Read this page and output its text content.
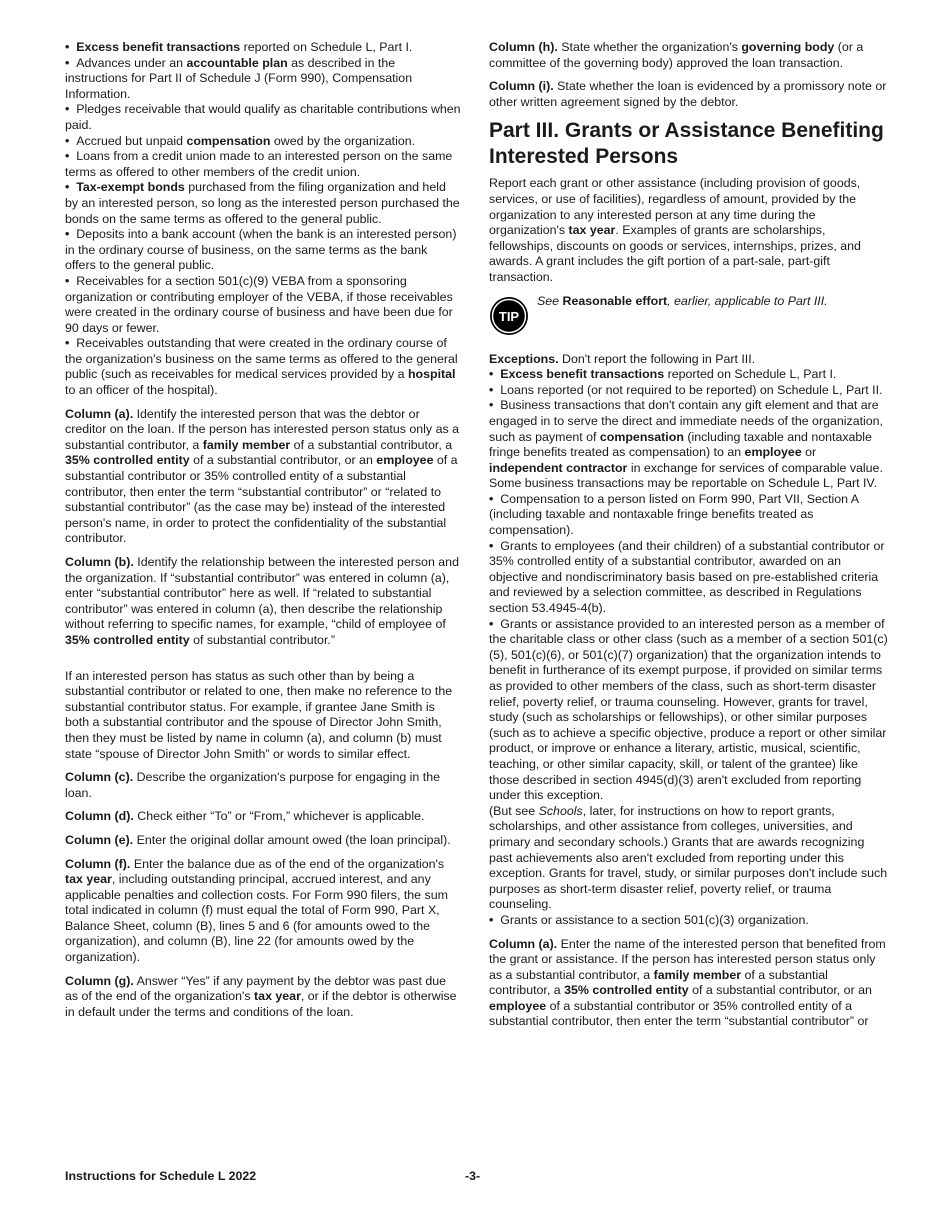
•  Excess benefit transactions reported on Schedule L, Part I.

•  Advances under an accountable plan as described in the instructions for Part II of Schedule J (Form 990), Compensation Information.

•  Pledges receivable that would qualify as charitable contributions when paid.

•  Accrued but unpaid compensation owed by the organization.

•  Loans from a credit union made to an interested person on the same terms as offered to other members of the credit union.

•  Tax-exempt bonds purchased from the filing organization and held by an interested person, so long as the interested person purchased the bonds on the same terms as offered to the general public.

•  Deposits into a bank account (when the bank is an interested person) in the ordinary course of business, on the same terms as the bank offers to the general public.

•  Receivables for a section 501(c)(9) VEBA from a sponsoring organization or contributing employer of the VEBA, if those receivables were created in the ordinary course of business and have been due for 90 days or fewer.

•  Receivables outstanding that were created in the ordinary course of the organization's business on the same terms as offered to the general public (such as receivables for medical services provided by a hospital to an officer of the hospital).

Column (a). Identify the interested person that was the debtor or creditor on the loan. If the person has interested person status only as a substantial contributor, a family member of a substantial contributor, a 35% controlled entity of a substantial contributor, or an employee of a substantial contributor or 35% controlled entity of a substantial contributor, then enter the term “substantial contributor” or “related to substantial contributor” (as the case may be) instead of the interested person's name, in order to protect the confidentiality of the substantial contributor.

Column (b). Identify the relationship between the interested person and the organization. If “substantial contributor” was entered in column (a), enter “substantial contributor” here as well. If “related to substantial contributor” was entered in column (a), then describe the relationship without referring to specific names, for example, “child of employee of 35% controlled entity of substantial contributor.”

If an interested person has status as such other than by being a substantial contributor or related to one, then make no reference to the substantial contributor status. For example, if grantee Jane Smith is both a substantial contributor and the spouse of Director John Smith, then they must be listed by name in column (a), and column (b) must state “spouse of Director John Smith” or words to similar effect.

Column (c). Describe the organization's purpose for engaging in the loan.

Column (d). Check either “To” or “From,” whichever is applicable.

Column (e). Enter the original dollar amount owed (the loan principal).

Column (f). Enter the balance due as of the end of the organization's tax year, including outstanding principal, accrued interest, and any applicable penalties and collection costs. For Form 990 filers, the sum total indicated in column (f) must equal the total of Form 990, Part X, Balance Sheet, column (B), lines 5 and 6 (for amounts owed to the organization), and column (B), line 22 (for amounts owed by the organization).

Column (g). Answer “Yes” if any payment by the debtor was past due as of the end of the organization's tax year, or if the debtor is otherwise in default under the terms and conditions of the loan.

Column (h). State whether the organization's governing body (or a committee of the governing body) approved the loan transaction.

Column (i). State whether the loan is evidenced by a promissory note or other written agreement signed by the debtor.

Part III. Grants or Assistance Benefiting Interested Persons

Report each grant or other assistance (including provision of goods, services, or use of facilities), regardless of amount, provided by the organization to any interested person at any time during the organization's tax year. Examples of grants are scholarships, fellowships, discounts on goods or services, internships, prizes, and awards. A grant includes the gift portion of a part-sale, part-gift transaction.

TIP
See Reasonable effort, earlier, applicable to Part III.

Exceptions. Don't report the following in Part III.

•  Excess benefit transactions reported on Schedule L, Part I.

•  Loans reported (or not required to be reported) on Schedule L, Part II.

•  Business transactions that don't contain any gift element and that are engaged in to serve the direct and immediate needs of the organization, such as payment of compensation (including taxable and nontaxable fringe benefits treated as compensation) to an employee or independent contractor in exchange for services of comparable value. Some business transactions may be reportable on Schedule L, Part IV.

•  Compensation to a person listed on Form 990, Part VII, Section A (including taxable and nontaxable fringe benefits treated as compensation).

•  Grants to employees (and their children) of a substantial contributor or 35% controlled entity of a substantial contributor, awarded on an objective and nondiscriminatory basis based on pre-established criteria and reviewed by a selection committee, as described in Regulations section 53.4945-4(b).

•  Grants or assistance provided to an interested person as a member of the charitable class or other class (such as a member of a section 501(c)(5), 501(c)(6), or 501(c)(7) organization) that the organization intends to benefit in furtherance of its exempt purpose, if provided on similar terms as provided to other members of the class, such as short-term disaster relief, poverty relief, or trauma counseling. However, grants for travel, study (such as scholarships or fellowships), or other similar purposes (such as to achieve a specific objective, produce a report or other similar product, or improve or enhance a literary, artistic, musical, scientific, teaching, or other similar capacity, skill, or talent of the grantee) like those described in section 4945(d)(3) aren't excluded from reporting under this exception.

(But see Schools, later, for instructions on how to report grants, scholarships, and other assistance from colleges, universities, and primary and secondary schools.) Grants that are awards recognizing past achievements also aren't excluded from reporting under this exception. Grants for travel, study, or similar purposes don't include such purposes as short-term disaster relief, poverty relief, or trauma counseling.

•  Grants or assistance to a section 501(c)(3) organization.

Column (a). Enter the name of the interested person that benefited from the grant or assistance. If the person has interested person status only as a substantial contributor, a family member of a substantial contributor, a 35% controlled entity of a substantial contributor, or an employee of a substantial contributor or 35% controlled entity of a substantial contributor, then enter the term “substantial contributor” or

Instructions for Schedule L 2022	-3-
